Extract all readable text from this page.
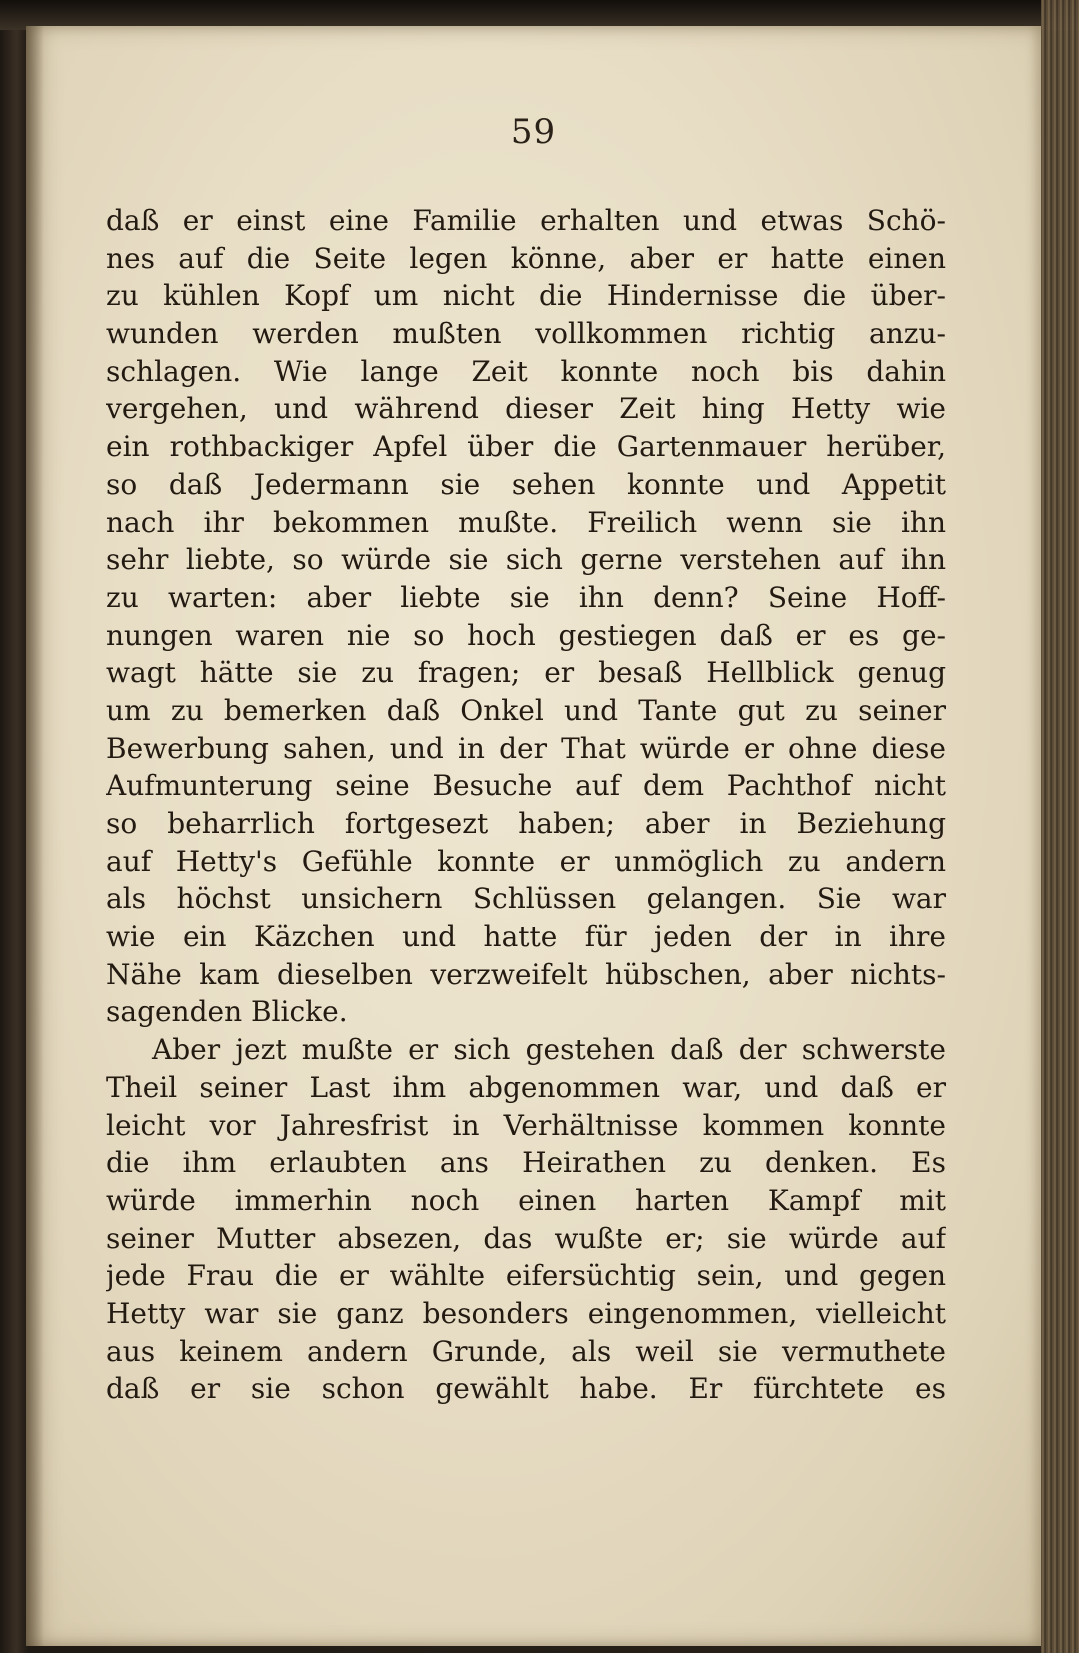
59
daß er einst eine Familie erhalten und etwas Schö-
nes auf die Seite legen könne, aber er hatte einen
zu kühlen Kopf um nicht die Hindernisse die über-
wunden werden mußten vollkommen richtig anzu-
schlagen. Wie lange Zeit konnte noch bis dahin
vergehen, und während dieser Zeit hing Hetty wie
ein rothbackiger Apfel über die Gartenmauer herüber,
so daß Jedermann sie sehen konnte und Appetit
nach ihr bekommen mußte. Freilich wenn sie ihn
sehr liebte, so würde sie sich gerne verstehen auf ihn
zu warten: aber liebte sie ihn denn? Seine Hoff-
nungen waren nie so hoch gestiegen daß er es ge-
wagt hätte sie zu fragen; er besaß Hellblick genug
um zu bemerken daß Onkel und Tante gut zu seiner
Bewerbung sahen, und in der That würde er ohne diese
Aufmunterung seine Besuche auf dem Pachthof nicht
so beharrlich fortgesezt haben; aber in Beziehung
auf Hetty's Gefühle konnte er unmöglich zu andern
als höchst unsichern Schlüssen gelangen. Sie war
wie ein Käzchen und hatte für jeden der in ihre
Nähe kam dieselben verzweifelt hübschen, aber nichts-
sagenden Blicke.
Aber jezt mußte er sich gestehen daß der schwerste
Theil seiner Last ihm abgenommen war, und daß er
leicht vor Jahresfrist in Verhältnisse kommen konnte
die ihm erlaubten ans Heirathen zu denken. Es
würde immerhin noch einen harten Kampf mit
seiner Mutter absezen, das wußte er; sie würde auf
jede Frau die er wählte eifersüchtig sein, und gegen
Hetty war sie ganz besonders eingenommen, vielleicht
aus keinem andern Grunde, als weil sie vermuthete
daß er sie schon gewählt habe. Er fürchtete es
